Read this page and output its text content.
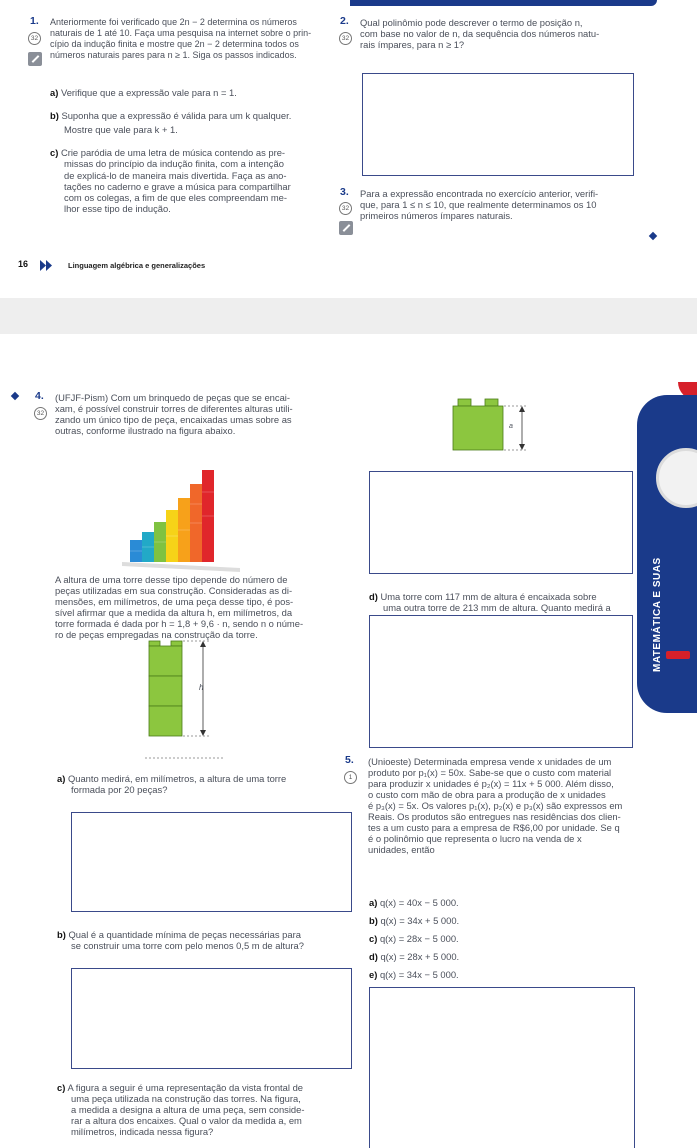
1.
32
Anteriormente foi verificado que 2n − 2 determina os números
naturais de 1 até 10. Faça uma pesquisa na internet sobre o prin-
cípio da indução finita e mostre que 2n − 2 determina todos os
números naturais pares para n ≥ 1. Siga os passos indicados.
a) Verifique que a expressão vale para n = 1.
b) Suponha que a expressão é válida para um k qualquer.
Mostre que vale para k + 1.
c) Crie paródia de uma letra de música contendo as pre-
missas do princípio da indução finita, com a intenção
de explicá-lo de maneira mais divertida. Faça as ano-
tações no caderno e grave a música para compartilhar
com os colegas, a fim de que eles compreendam me-
lhor esse tipo de indução.
2.
32
Qual polinômio pode descrever o termo de posição n,
com base no valor de n, da sequência dos números natu-
rais ímpares, para n ≥ 1?
3.
32
Para a expressão encontrada no exercício anterior, verifi-
que, para 1 ≤ n ≤ 10, que realmente determinamos os 10
primeiros números ímpares naturais.
16	Linguagem algébrica e generalizações
4.
32
(UFJF-Pism) Com um brinquedo de peças que se encai-
xam, é possível construir torres de diferentes alturas utili-
zando um único tipo de peça, encaixadas umas sobre as
outras, conforme ilustrado na figura abaixo.
A altura de uma torre desse tipo depende do número de
peças utilizadas em sua construção. Consideradas as di-
mensões, em milímetros, de uma peça desse tipo, é pos-
sível afirmar que a medida da altura h, em milímetros, da
torre formada é dada por h = 1,8 + 9,6 · n, sendo n o núme-
ro de peças empregadas na construção da torre.
h
a) Quanto medirá, em milímetros, a altura de uma torre
formada por 20 peças?
b) Qual é a quantidade mínima de peças necessárias para
se construir uma torre com pelo menos 0,5 m de altura?
c) A figura a seguir é uma representação da vista frontal de
uma peça utilizada na construção das torres. Na figura,
a medida a designa a altura de uma peça, sem conside-
rar a altura dos encaixes. Qual o valor da medida a, em
milímetros, indicada nessa figura?
a
d) Uma torre com 117 mm de altura é encaixada sobre
uma outra torre de 213 mm de altura. Quanto medirá a
5.
1
(Unioeste) Determinada empresa vende x unidades de um
produto por p₁(x) = 50x. Sabe-se que o custo com material
para produzir x unidades é p₂(x) = 11x + 5 000. Além disso,
o custo com mão de obra para a produção de x unidades
é p₃(x) = 5x. Os valores p₁(x), p₂(x) e p₃(x) são expressos em
Reais. Os produtos são entregues nas residências dos clien-
tes a um custo para a empresa de R$6,00 por unidade. Se q
é o polinômio que representa o lucro na venda de x
unidades, então
a) q(x) = 40x − 5 000.
b) q(x) = 34x + 5 000.
c) q(x) = 28x − 5 000.
d) q(x) = 28x + 5 000.
e) q(x) = 34x − 5 000.
MATEMÁTICA E SUAS
